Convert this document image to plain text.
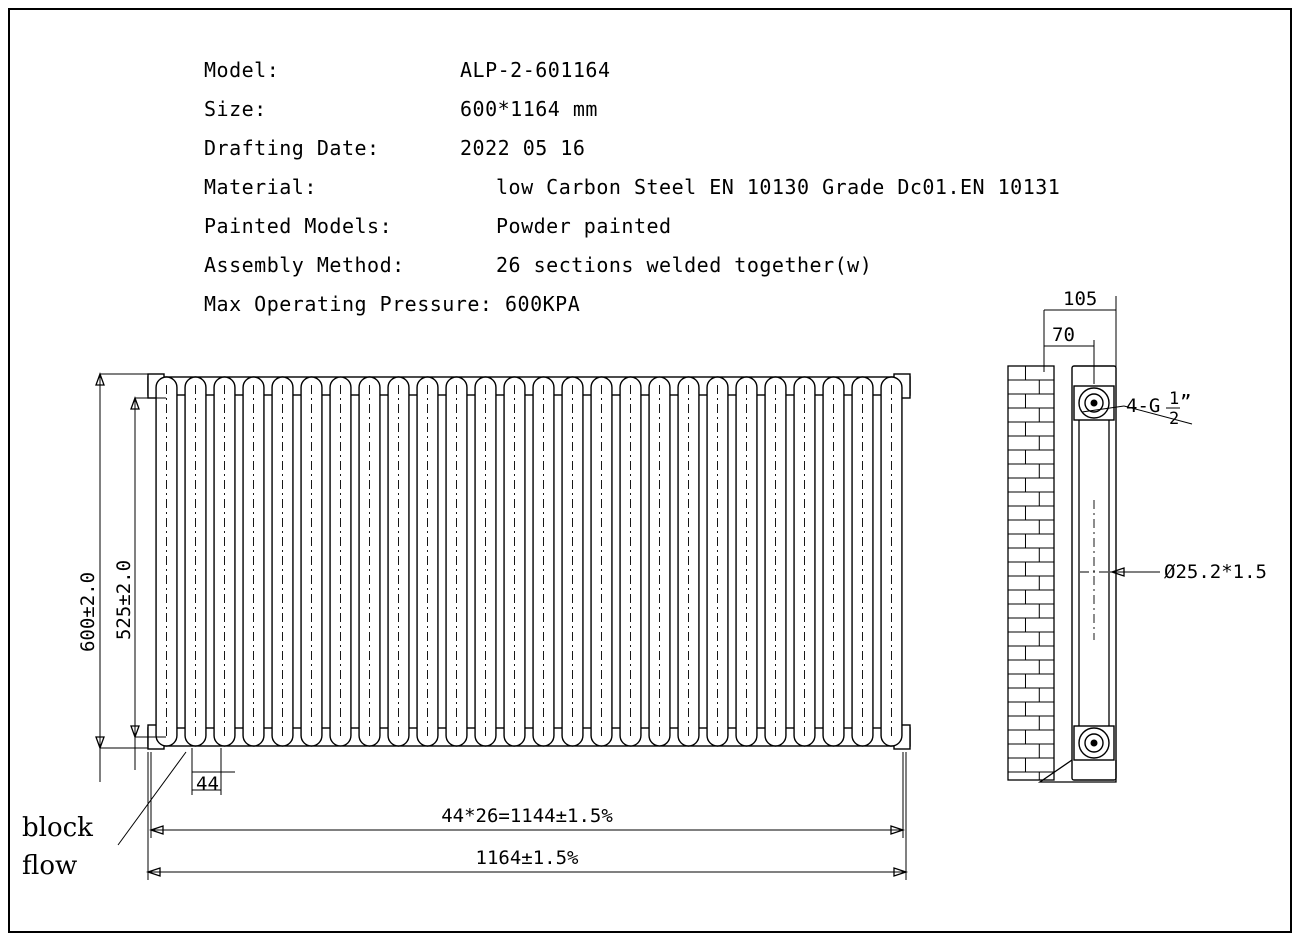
Model:	ALP-2-601164
Size:	600*1164 mm
Drafting Date:	2022 05 16
Material:	low Carbon Steel EN 10130 Grade Dc01.EN 10131
Painted Models:	Powder painted
Assembly Method:	26 sections welded together(w)
Max Operating Pressure: 600KPA
600±2.0 525±2.0
44
44*26=1144±1.5%
1164±1.5%
block
flow
105
70
4-G 1
2
”
Ø25.2*1.5
